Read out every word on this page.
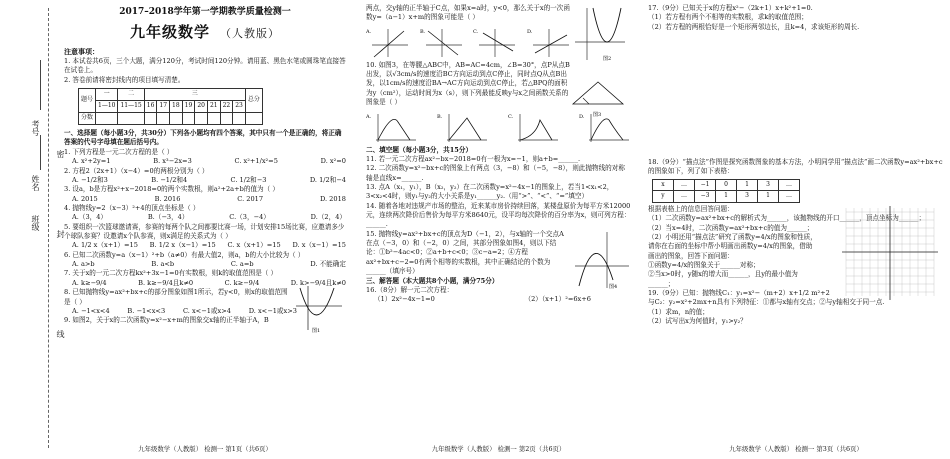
考号
姓名
班级
密
封
线
2017–2018学年第一学期教学质量检测一
九年级数学 （人教版）
注意事项：
1. 本试卷共6页，三个大题，满分120分，考试时间120分钟。请用蓝、黑色水笔或圆珠笔直接答在试卷上。
2. 答卷前请将密封线内的项目填写清楚。
题号	一	二	三								总分
	1—10	11—15	16	17	18	19	20	21	22	23	
分数											
一、选择题（每小题3分，共30分）下列各小题均有四个答案，其中只有一个是正确的，将正确答案的代号字母填在题后括号内。
1. 下列方程是一元二次方程的是（ ）
A. x²+2y=1	B. x³−2x=3	C. x²+1/x²=5	D. x²=0
2. 方程2（2x+1）（x−4）=0的两根分别为（ ）
A. −1/2和3	B. −1/2和4	C. 1/2和−3	D. 1/2和−4
3. 设a，b是方程x²+x−2018=0的两个实数根，则a²+2a+b的值为（ ）
A. 2015	B. 2016	C. 2017	D. 2018
4. 抛物线y=2（x−3）²+4的顶点坐标是（ ）
A.（3，4）	B.（−3，4）	C.（3，−4）	D.（2，4）
5. 要组织一次篮球邀请赛，参赛的每两个队之间都要比赛一场，计划安排15场比赛，应邀请多少个球队参赛？设邀请x个队参赛，则x满足的关系式为（ ）
A. 1/2 x（x+1）=15 B. 1/2 x（x−1）=15 C. x（x+1）=15 D. x（x−1）=15
6. 已知二次函数y=a（x−1）²+b（a≠0）有最大值2，则a，b的大小比较为（ ）
A. a>b	B. a<b	C. a=b	D. 不能确定
7. 关于x的一元二次方程kx²+3x−1=0有实数根，则k的取值范围是（ ）
A. k≥−9/4	B. k≥−9/4且k≠0	C. k≥−9/4	D. k>−9/4且k≠0
8. 已知抛物线y=ax²+bx+c的部分图象如图1所示，若y<0，则x的取值范围是（ ）
A. −1<x<4	B. −1<x<3	C. x<−1或x>4	D. x<−1或x>3
图1
9. 如图2，关于x的二次函数y=x²−x+m的图象交x轴的正半轴于A，B
九年级数学（人教版） 检测一 第1页（共6页）
两点，交y轴的正半轴于C点，如果x=a时，y<0，那么关于x的一次函数y=（a−1）x+m的图象可能是（ ）
A.	B.	C.	D.
图2
图3
10. 如图3，在等腰△ABC中，AB=AC=4cm，∠B=30°，点P从点B出发，以√3cm/s的速度沿BC方向运动到点C停止，同时点Q从点B出发，以1cm/s的速度沿BA→AC方向运动到点C停止，若△BPQ的面积为y（cm²），运动时间为x（s），则下列最能反映y与x之间函数关系的图象是（ ）
A.	B.	C.	D.
二、填空题（每小题3分，共15分）
11. 若一元二次方程ax²−bx−2018=0有一根为x=−1，则a+b=______.
12. 二次函数y=x²−bx+c的图象上有两点（3，−8）和（−5，−8），则此抛物线的对称轴是直线x=______.
13. 点A（x₁，y₁），B（x₂，y₂）在二次函数y=x²−4x−1的图象上，若当1<x₁<2，3<x₂<4时，则y₁与y₂的大小关系是y₁______y₂.（用“>”、“<”、“=”填空）
14. 随着各地对违规产市场的整治，近来某市房价持续回落，某楼盘原价为每平方米12000元，连续两次降价后售价为每平方米8640元，设平均每次降价的百分率为x，则可列方程：______.
15. 抛物线y=ax²+bx+c的顶点为D（−1，2），与x轴的一个交点A在点（−3，0）和（−2，0）之间，其部分图象如图4，则以下结论：①b²−4ac<0；②a+b+c<0；③c−a=2；④方程ax²+bx+c−2=0有两个相等的实数根，其中正确结论的个数为______（填序号）
图4
三、解答题（本大题共8个小题，满分75分）
16.（8分）解一元二次方程：
（1）2x²−4x−1=0	（2）（x+1）²=6x+6
九年级数学（人教版） 检测一 第2页（共6页）
17.（9分）已知关于x的方程x²−（2k+1）x+k²+1=0.
（1）若方程有两个不相等的实数根，求k的取值范围；
（2）若方程的两根恰好是一个矩形两邻边长，且k=4，求该矩形的周长.
18.（9分）“描点法”作图是探究函数图象的基本方法，小明同学用“描点法”画二次函数y=ax²+bx+c的图象如下，列了如下表格：
x	…	−1	0	1	3	…
y	…	−3	1	3	1	…
根据表格上的信息回答问题：
（1）二次函数y=ax²+bx+c的解析式为______，该抛物线的开口______，顶点坐标为______；
（2）当x=4时，二次函数y=ax²+bx+c的值为______；
（2）小明还用“描点法”研究了函数y=4/x的图象和性质，请你在右面的坐标中帮小明画出函数y=4/x的图象，借助画出的图象，回答下面问题：
①函数y=4/x的图象关于______对称；
②当x>0时，y随x的增大而______，且y的最小值为______；
19.（9分）已知：抛物线C₁：y₁=x²−（m+2）x+1/2 m²+2
与C₂：y₂=x²+2mx+n具有下列特征：①都与x轴有交点；②与y轴相交于同一点.
（1）求m，n的值；
（2）试写出x为何值时，y₁>y₂？
九年级数学（人教版） 检测一 第3页（共6页）
